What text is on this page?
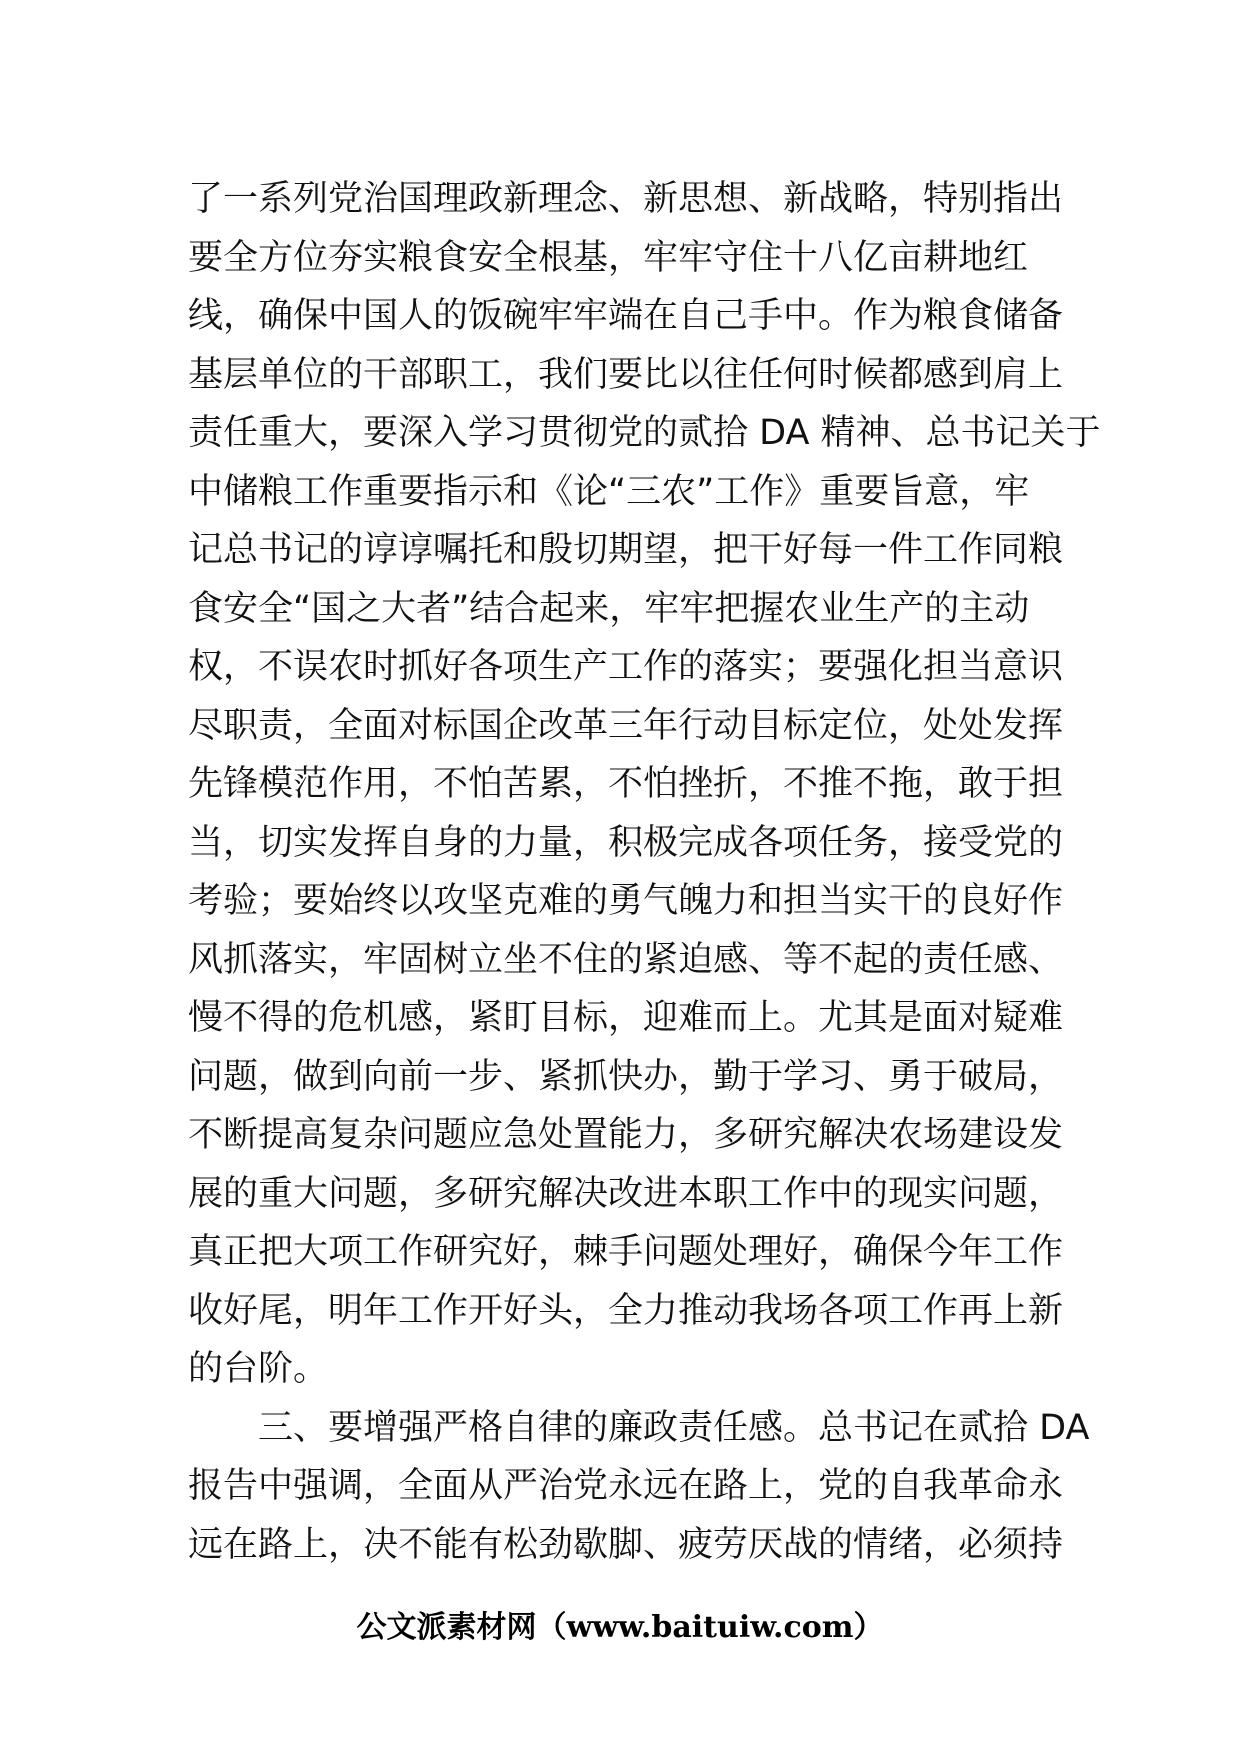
了一系列党治国理政新理念、新思想、新战略，特别指出
要全方位夯实粮食安全根基，牢牢守住十八亿亩耕地红
线，确保中国人的饭碗牢牢端在自己手中。作为粮食储备
基层单位的干部职工，我们要比以往任何时候都感到肩上
责任重大，要深入学习贯彻党的贰拾 DA 精神、总书记关于
中储粮工作重要指示和《论“三农”工作》重要旨意，牢
记总书记的谆谆嘱托和殷切期望，把干好每一件工作同粮
食安全“国之大者”结合起来，牢牢把握农业生产的主动
权，不误农时抓好各项生产工作的落实；要强化担当意识
尽职责，全面对标国企改革三年行动目标定位，处处发挥
先锋模范作用，不怕苦累，不怕挫折，不推不拖，敢于担
当，切实发挥自身的力量，积极完成各项任务，接受党的
考验；要始终以攻坚克难的勇气魄力和担当实干的良好作
风抓落实，牢固树立坐不住的紧迫感、等不起的责任感、
慢不得的危机感，紧盯目标，迎难而上。尤其是面对疑难
问题，做到向前一步、紧抓快办，勤于学习、勇于破局，
不断提高复杂问题应急处置能力，多研究解决农场建设发
展的重大问题，多研究解决改进本职工作中的现实问题，
真正把大项工作研究好，棘手问题处理好，确保今年工作
收好尾，明年工作开好头，全力推动我场各项工作再上新
的台阶。
三、要增强严格自律的廉政责任感。总书记在贰拾 DA
报告中强调，全面从严治党永远在路上，党的自我革命永
远在路上，决不能有松劲歇脚、疲劳厌战的情绪，必须持
公文派素材网（www.baituiw.com）
